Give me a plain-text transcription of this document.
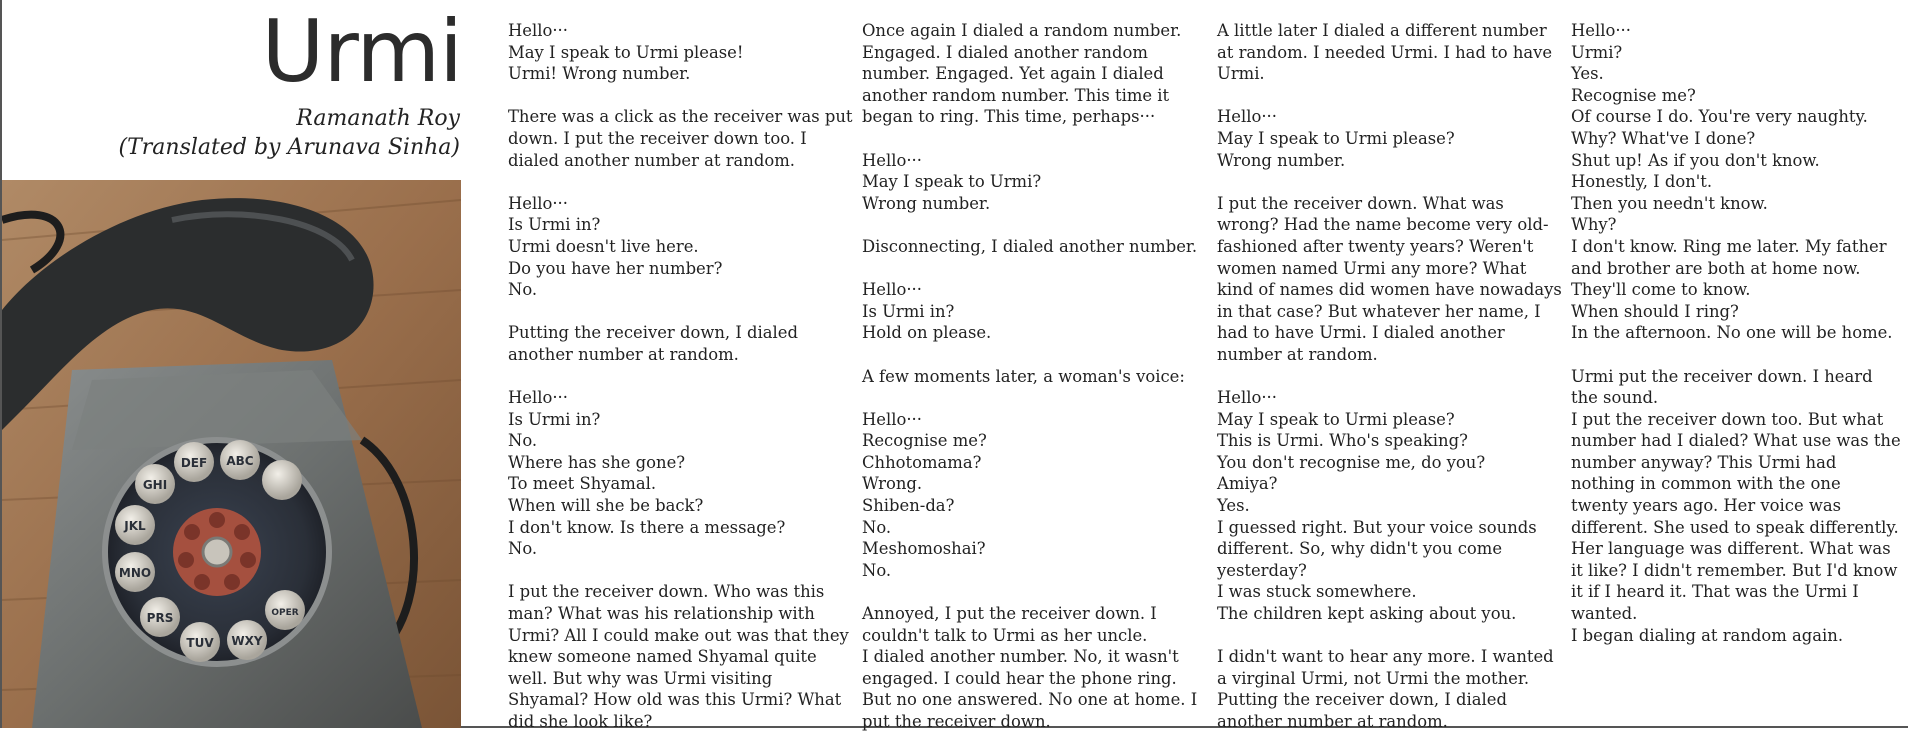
Urmi
Ramanath Roy
(Translated by Arunava Sinha)
DEF ABC
GHI
JKL
MNO
PRS
TUV WXY
OPER

Hello···
May I speak to Urmi please!
Urmi! Wrong number.

There was a click as the receiver was put down. I put the receiver down too. I dialed another number at random.

Hello···
Is Urmi in?
Urmi doesn't live here.
Do you have her number?
No.

Putting the receiver down, I dialed another number at random.

Hello···
Is Urmi in?
No.
Where has she gone?
To meet Shyamal.
When will she be back?
I don't know. Is there a message?
No.

I put the receiver down. Who was this man? What was his relationship with Urmi? All I could make out was that they knew someone named Shyamal quite well. But why was Urmi visiting Shyamal? How old was this Urmi? What did she look like?

Once again I dialed a random number. Engaged. I dialed another random number. Engaged. Yet again I dialed another random number. This time it began to ring. This time, perhaps···

Hello···
May I speak to Urmi?
Wrong number.

Disconnecting, I dialed another number.

Hello···
Is Urmi in?
Hold on please.

A few moments later, a woman's voice:

Hello···
Recognise me?
Chhotomama?
Wrong.
Shiben-da?
No.
Meshomoshai?
No.

Annoyed, I put the receiver down. I couldn't talk to Urmi as her uncle.

I dialed another number. No, it wasn't engaged. I could hear the phone ring. But no one answered. No one at home. I put the receiver down.

A little later I dialed a different number at random. I needed Urmi. I had to have Urmi.

Hello···
May I speak to Urmi please?
Wrong number.

I put the receiver down. What was wrong? Had the name become very old-fashioned after twenty years? Weren't women named Urmi any more? What kind of names did women have nowadays in that case? But whatever her name, I had to have Urmi. I dialed another number at random.

Hello···
May I speak to Urmi please?
This is Urmi. Who's speaking?
You don't recognise me, do you?
Amiya?
Yes.

I guessed right. But your voice sounds different. So, why didn't you come yesterday?

I was stuck somewhere.
The children kept asking about you.

I didn't want to hear any more. I wanted a virginal Urmi, not Urmi the mother. Putting the receiver down, I dialed another number at random.

Hello···
Urmi?
Yes.
Recognise me?
Of course I do. You're very naughty.
Why? What've I done?
Shut up! As if you don't know.
Honestly, I don't.
Then you needn't know.
Why?

I don't know. Ring me later. My father and brother are both at home now. They'll come to know.

When should I ring?
In the afternoon. No one will be home.

Urmi put the receiver down. I heard the sound.

I put the receiver down too. But what number had I dialed? What use was the number anyway? This Urmi had nothing in common with the one twenty years ago. Her voice was different. She used to speak differently. Her language was different. What was it like? I didn't remember. But I'd know it if I heard it. That was the Urmi I wanted.

I began dialing at random again.
